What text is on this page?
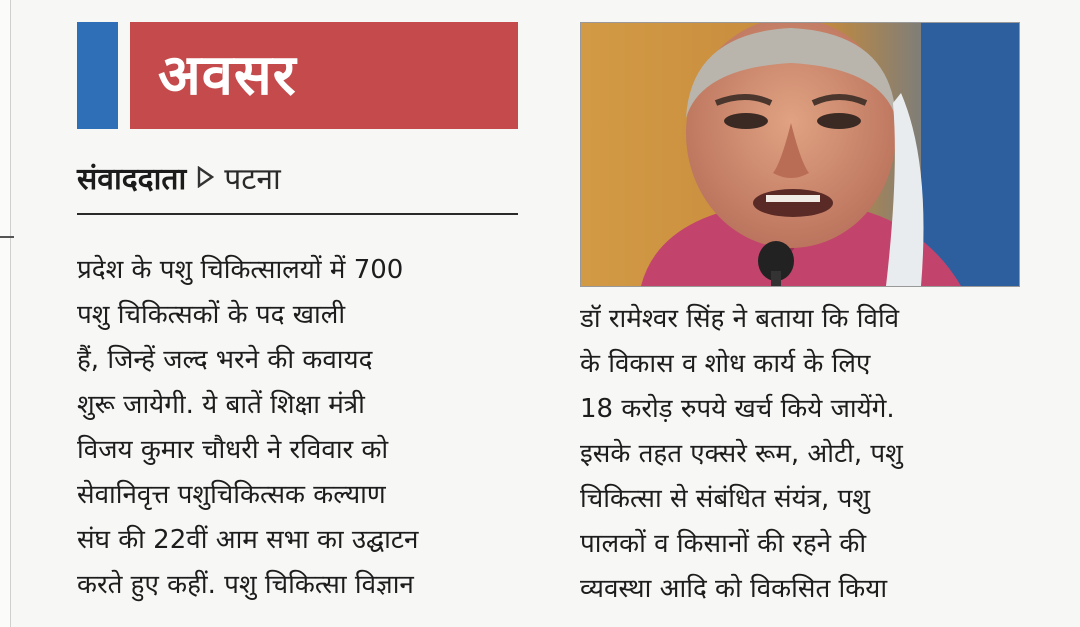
अवसर
संवाददाता पटना
प्रदेश के पशु चिकित्सालयों में 700
पशु चिकित्सकों के पद खाली
हैं, जिन्हें जल्द भरने की कवायद
शुरू जायेगी. ये बातें शिक्षा मंत्री
विजय कुमार चौधरी ने रविवार को
सेवानिवृत्त पशुचिकित्सक कल्याण
संघ की 22वीं आम सभा का उद्घाटन
करते हुए कहीं. पशु चिकित्सा विज्ञान
डॉ रामेश्वर सिंह ने बताया कि विवि
के विकास व शोध कार्य के लिए
18 करोड़ रुपये खर्च किये जायेंगे.
इसके तहत एक्सरे रूम, ओटी, पशु
चिकित्सा से संबंधित संयंत्र, पशु
पालकों व किसानों की रहने की
व्यवस्था आदि को विकसित किया
